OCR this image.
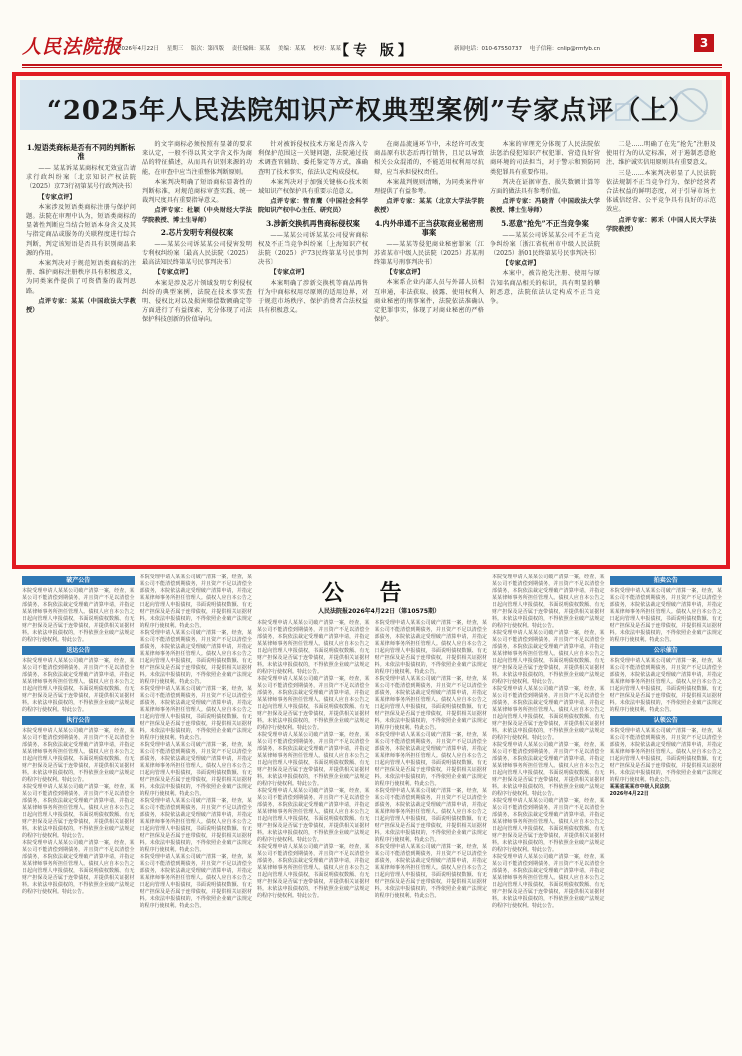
人民法院报
2026年4月22日 星期三 版次：第四版 责任编辑：某某 美编：某某 校对：某某
【专 版】	新闻电话：010-67550737 电子信箱：cnlip@rmfyb.cn	3
“2025年人民法院知识产权典型案例”专家点评（上）
1.短语类商标是否有不同的判断标准

—— 某某诉某某商标权无效宣告请求行政纠纷案〔北京知识产权法院（2025）京73行初第某号行政判决书〕

【专家点评】

本案涉及短语类商标注册与保护问题。法院在审理中认为，短语类商标的显著性判断应当结合短语本身含义及其与指定商品或服务的关联程度进行综合判断，判定该短语是否具有识别商品来源的作用。

本案判决对于规范短语类商标的注册、维护商标注册秩序具有积极意义，为同类案件提供了可资借鉴的裁判思路。

点评专家：某某（中国政法大学教授）

的文字商标必须按照有显著的要求来认定，一般不得以其文字含义作为商品的特征描述，从而具有识别来源的功能，在审查中应当注重整体判断原则。

本案判决明确了短语商标显著性的判断标准，对规范商标审查实践、统一裁判尺度具有重要指导意义。

点评专家：杜颖（中央财经大学法学院教授、博士生导师）

2.芯片发明专利侵权案

——某某公司诉某某公司侵害发明专利权纠纷案〔最高人民法院（2025）最高法知民终第某号民事判决书〕

【专家点评】

本案是涉及芯片领域发明专利侵权纠纷的典型案例，法院在技术事实查明、侵权比对以及损害赔偿数额确定等方面进行了有益探索，充分体现了司法保护科技创新的价值导向。

针对被诉侵权技术方案是否落入专利保护范围这一关键问题，法院通过技术调查官辅助、委托鉴定等方式，准确查明了技术事实，依法认定构成侵权。

本案判决对于加强关键核心技术领域知识产权保护具有重要示范意义。

点评专家：管育鹰（中国社会科学院知识产权中心主任、研究员）

3.涉新交换机再售商标侵权案

——某某公司诉某某公司侵害商标权及不正当竞争纠纷案〔上海知识产权法院（2025）沪73民终第某号民事判决书〕

【专家点评】

本案明确了涉新交换机等商品再售行为中商标权用尽原则的适用边界，对于规范市场秩序、保护消费者合法权益具有积极意义。

在商品流通环节中，未经许可改变商品原有状态后再行销售，且足以导致相关公众混淆的，不能适用权利用尽抗辩，应当承担侵权责任。

本案裁判规则清晰，为同类案件审理提供了有益参考。

点评专家：某某（北京大学法学院教授）

4.内外串通不正当获取商业秘密刑事案

——某某等侵犯商业秘密罪案〔江苏省某市中级人民法院（2025）苏某刑终第某号刑事判决书〕

【专家点评】

本案系企业内部人员与外部人员相互串通，非法获取、披露、使用权利人商业秘密的刑事案件，法院依法准确认定犯罪事实，体现了对商业秘密的严格保护。

本案的审理充分体现了人民法院依法惩治侵犯知识产权犯罪、营造良好营商环境的司法担当，对于警示和预防同类犯罪具有重要作用。

判决在证据审查、损失数额计算等方面的做法具有参考价值。

点评专家：冯晓青（中国政法大学教授、博士生导师）

5.恶意“抢先”不正当竞争案

——某某公司诉某某公司不正当竞争纠纷案〔浙江省杭州市中级人民法院（2025）浙01民终第某号民事判决书〕

【专家点评】

本案中，被告抢先注册、使用与原告知名商品相关的标识，具有明显的攀附恶意，法院依法认定构成不正当竞争。

二是……明确了在先“抢先”注册及使用行为的认定标准，对于遏制恶意抢注、维护诚实信用原则具有重要意义。

三是……本案判决彰显了人民法院依法规制不正当竞争行为、保护经营者合法权益的鲜明态度，对于引导市场主体诚信经营、公平竞争具有良好的示范效应。

点评专家：郭禾（中国人民大学法学院教授）

破产公告

本院受理申请人某某公司破产清算一案，经查，某某公司不能清偿到期债务，并且资产不足以清偿全部债务，本院依法裁定受理破产清算申请，并指定某某律师事务所担任管理人。债权人应自本公告之日起向管理人申报债权，书面说明债权数额、有无财产担保及是否属于连带债权，并提供相关证据材料。未依法申报债权的，不得依照企业破产法规定的程序行使权利。特此公告。

送达公告

本院受理申请人某某公司破产清算一案，经查，某某公司不能清偿到期债务，并且资产不足以清偿全部债务，本院依法裁定受理破产清算申请，并指定某某律师事务所担任管理人。债权人应自本公告之日起向管理人申报债权，书面说明债权数额、有无财产担保及是否属于连带债权，并提供相关证据材料。未依法申报债权的，不得依照企业破产法规定的程序行使权利。特此公告。

执行公告

本院受理申请人某某公司破产清算一案，经查，某某公司不能清偿到期债务，并且资产不足以清偿全部债务，本院依法裁定受理破产清算申请，并指定某某律师事务所担任管理人。债权人应自本公告之日起向管理人申报债权，书面说明债权数额、有无财产担保及是否属于连带债权，并提供相关证据材料。未依法申报债权的，不得依照企业破产法规定的程序行使权利。特此公告。

本院受理申请人某某公司破产清算一案，经查，某某公司不能清偿到期债务，并且资产不足以清偿全部债务，本院依法裁定受理破产清算申请，并指定某某律师事务所担任管理人。债权人应自本公告之日起向管理人申报债权，书面说明债权数额、有无财产担保及是否属于连带债权，并提供相关证据材料。未依法申报债权的，不得依照企业破产法规定的程序行使权利。特此公告。

本院受理申请人某某公司破产清算一案，经查，某某公司不能清偿到期债务，并且资产不足以清偿全部债务，本院依法裁定受理破产清算申请，并指定某某律师事务所担任管理人。债权人应自本公告之日起向管理人申报债权，书面说明债权数额、有无财产担保及是否属于连带债权，并提供相关证据材料。未依法申报债权的，不得依照企业破产法规定的程序行使权利。特此公告。

本院受理申请人某某公司破产清算一案，经查，某某公司不能清偿到期债务，并且资产不足以清偿全部债务，本院依法裁定受理破产清算申请，并指定某某律师事务所担任管理人。债权人应自本公告之日起向管理人申报债权，书面说明债权数额、有无财产担保及是否属于连带债权，并提供相关证据材料。未依法申报债权的，不得依照企业破产法规定的程序行使权利。特此公告。

本院受理申请人某某公司破产清算一案，经查，某某公司不能清偿到期债务，并且资产不足以清偿全部债务，本院依法裁定受理破产清算申请，并指定某某律师事务所担任管理人。债权人应自本公告之日起向管理人申报债权，书面说明债权数额、有无财产担保及是否属于连带债权，并提供相关证据材料。未依法申报债权的，不得依照企业破产法规定的程序行使权利。特此公告。

本院受理申请人某某公司破产清算一案，经查，某某公司不能清偿到期债务，并且资产不足以清偿全部债务，本院依法裁定受理破产清算申请，并指定某某律师事务所担任管理人。债权人应自本公告之日起向管理人申报债权，书面说明债权数额、有无财产担保及是否属于连带债权，并提供相关证据材料。未依法申报债权的，不得依照企业破产法规定的程序行使权利。特此公告。

本院受理申请人某某公司破产清算一案，经查，某某公司不能清偿到期债务，并且资产不足以清偿全部债务，本院依法裁定受理破产清算申请，并指定某某律师事务所担任管理人。债权人应自本公告之日起向管理人申报债权，书面说明债权数额、有无财产担保及是否属于连带债权，并提供相关证据材料。未依法申报债权的，不得依照企业破产法规定的程序行使权利。特此公告。

本院受理申请人某某公司破产清算一案，经查，某某公司不能清偿到期债务，并且资产不足以清偿全部债务，本院依法裁定受理破产清算申请，并指定某某律师事务所担任管理人。债权人应自本公告之日起向管理人申报债权，书面说明债权数额、有无财产担保及是否属于连带债权，并提供相关证据材料。未依法申报债权的，不得依照企业破产法规定的程序行使权利。特此公告。

本院受理申请人某某公司破产清算一案，经查，某某公司不能清偿到期债务，并且资产不足以清偿全部债务，本院依法裁定受理破产清算申请，并指定某某律师事务所担任管理人。债权人应自本公告之日起向管理人申报债权，书面说明债权数额、有无财产担保及是否属于连带债权，并提供相关证据材料。未依法申报债权的，不得依照企业破产法规定的程序行使权利。特此公告。

本院受理申请人某某公司破产清算一案，经查，某某公司不能清偿到期债务，并且资产不足以清偿全部债务，本院依法裁定受理破产清算申请，并指定某某律师事务所担任管理人。债权人应自本公告之日起向管理人申报债权，书面说明债权数额、有无财产担保及是否属于连带债权，并提供相关证据材料。未依法申报债权的，不得依照企业破产法规定的程序行使权利。特此公告。

本院受理申请人某某公司破产清算一案，经查，某某公司不能清偿到期债务，并且资产不足以清偿全部债务，本院依法裁定受理破产清算申请，并指定某某律师事务所担任管理人。债权人应自本公告之日起向管理人申报债权，书面说明债权数额、有无财产担保及是否属于连带债权，并提供相关证据材料。未依法申报债权的，不得依照企业破产法规定的程序行使权利。特此公告。

本院受理申请人某某公司破产清算一案，经查，某某公司不能清偿到期债务，并且资产不足以清偿全部债务，本院依法裁定受理破产清算申请，并指定某某律师事务所担任管理人。债权人应自本公告之日起向管理人申报债权，书面说明债权数额、有无财产担保及是否属于连带债权，并提供相关证据材料。未依法申报债权的，不得依照企业破产法规定的程序行使权利。特此公告。

本院受理申请人某某公司破产清算一案，经查，某某公司不能清偿到期债务，并且资产不足以清偿全部债务，本院依法裁定受理破产清算申请，并指定某某律师事务所担任管理人。债权人应自本公告之日起向管理人申报债权，书面说明债权数额、有无财产担保及是否属于连带债权，并提供相关证据材料。未依法申报债权的，不得依照企业破产法规定的程序行使权利。特此公告。

本院受理申请人某某公司破产清算一案，经查，某某公司不能清偿到期债务，并且资产不足以清偿全部债务，本院依法裁定受理破产清算申请，并指定某某律师事务所担任管理人。债权人应自本公告之日起向管理人申报债权，书面说明债权数额、有无财产担保及是否属于连带债权，并提供相关证据材料。未依法申报债权的，不得依照企业破产法规定的程序行使权利。特此公告。

本院受理申请人某某公司破产清算一案，经查，某某公司不能清偿到期债务，并且资产不足以清偿全部债务，本院依法裁定受理破产清算申请，并指定某某律师事务所担任管理人。债权人应自本公告之日起向管理人申报债权，书面说明债权数额、有无财产担保及是否属于连带债权，并提供相关证据材料。未依法申报债权的，不得依照企业破产法规定的程序行使权利。特此公告。

本院受理申请人某某公司破产清算一案，经查，某某公司不能清偿到期债务，并且资产不足以清偿全部债务，本院依法裁定受理破产清算申请，并指定某某律师事务所担任管理人。债权人应自本公告之日起向管理人申报债权，书面说明债权数额、有无财产担保及是否属于连带债权，并提供相关证据材料。未依法申报债权的，不得依照企业破产法规定的程序行使权利。特此公告。

本院受理申请人某某公司破产清算一案，经查，某某公司不能清偿到期债务，并且资产不足以清偿全部债务，本院依法裁定受理破产清算申请，并指定某某律师事务所担任管理人。债权人应自本公告之日起向管理人申报债权，书面说明债权数额、有无财产担保及是否属于连带债权，并提供相关证据材料。未依法申报债权的，不得依照企业破产法规定的程序行使权利。特此公告。

本院受理申请人某某公司破产清算一案，经查，某某公司不能清偿到期债务，并且资产不足以清偿全部债务，本院依法裁定受理破产清算申请，并指定某某律师事务所担任管理人。债权人应自本公告之日起向管理人申报债权，书面说明债权数额、有无财产担保及是否属于连带债权，并提供相关证据材料。未依法申报债权的，不得依照企业破产法规定的程序行使权利。特此公告。

本院受理申请人某某公司破产清算一案，经查，某某公司不能清偿到期债务，并且资产不足以清偿全部债务，本院依法裁定受理破产清算申请，并指定某某律师事务所担任管理人。债权人应自本公告之日起向管理人申报债权，书面说明债权数额、有无财产担保及是否属于连带债权，并提供相关证据材料。未依法申报债权的，不得依照企业破产法规定的程序行使权利。特此公告。

本院受理申请人某某公司破产清算一案，经查，某某公司不能清偿到期债务，并且资产不足以清偿全部债务，本院依法裁定受理破产清算申请，并指定某某律师事务所担任管理人。债权人应自本公告之日起向管理人申报债权，书面说明债权数额、有无财产担保及是否属于连带债权，并提供相关证据材料。未依法申报债权的，不得依照企业破产法规定的程序行使权利。特此公告。

本院受理申请人某某公司破产清算一案，经查，某某公司不能清偿到期债务，并且资产不足以清偿全部债务，本院依法裁定受理破产清算申请，并指定某某律师事务所担任管理人。债权人应自本公告之日起向管理人申报债权，书面说明债权数额、有无财产担保及是否属于连带债权，并提供相关证据材料。未依法申报债权的，不得依照企业破产法规定的程序行使权利。特此公告。

本院受理申请人某某公司破产清算一案，经查，某某公司不能清偿到期债务，并且资产不足以清偿全部债务，本院依法裁定受理破产清算申请，并指定某某律师事务所担任管理人。债权人应自本公告之日起向管理人申报债权，书面说明债权数额、有无财产担保及是否属于连带债权，并提供相关证据材料。未依法申报债权的，不得依照企业破产法规定的程序行使权利。特此公告。

本院受理申请人某某公司破产清算一案，经查，某某公司不能清偿到期债务，并且资产不足以清偿全部债务，本院依法裁定受理破产清算申请，并指定某某律师事务所担任管理人。债权人应自本公告之日起向管理人申报债权，书面说明债权数额、有无财产担保及是否属于连带债权，并提供相关证据材料。未依法申报债权的，不得依照企业破产法规定的程序行使权利。特此公告。

本院受理申请人某某公司破产清算一案，经查，某某公司不能清偿到期债务，并且资产不足以清偿全部债务，本院依法裁定受理破产清算申请，并指定某某律师事务所担任管理人。债权人应自本公告之日起向管理人申报债权，书面说明债权数额、有无财产担保及是否属于连带债权，并提供相关证据材料。未依法申报债权的，不得依照企业破产法规定的程序行使权利。特此公告。

本院受理申请人某某公司破产清算一案，经查，某某公司不能清偿到期债务，并且资产不足以清偿全部债务，本院依法裁定受理破产清算申请，并指定某某律师事务所担任管理人。债权人应自本公告之日起向管理人申报债权，书面说明债权数额、有无财产担保及是否属于连带债权，并提供相关证据材料。未依法申报债权的，不得依照企业破产法规定的程序行使权利。特此公告。

拍卖公告

本院受理申请人某某公司破产清算一案，经查，某某公司不能清偿到期债务，并且资产不足以清偿全部债务，本院依法裁定受理破产清算申请，并指定某某律师事务所担任管理人。债权人应自本公告之日起向管理人申报债权，书面说明债权数额、有无财产担保及是否属于连带债权，并提供相关证据材料。未依法申报债权的，不得依照企业破产法规定的程序行使权利。特此公告。

公示催告

本院受理申请人某某公司破产清算一案，经查，某某公司不能清偿到期债务，并且资产不足以清偿全部债务，本院依法裁定受理破产清算申请，并指定某某律师事务所担任管理人。债权人应自本公告之日起向管理人申报债权，书面说明债权数额、有无财产担保及是否属于连带债权，并提供相关证据材料。未依法申报债权的，不得依照企业破产法规定的程序行使权利。特此公告。

认领公告

本院受理申请人某某公司破产清算一案，经查，某某公司不能清偿到期债务，并且资产不足以清偿全部债务，本院依法裁定受理破产清算申请，并指定某某律师事务所担任管理人。债权人应自本公告之日起向管理人申报债权，书面说明债权数额、有无财产担保及是否属于连带债权，并提供相关证据材料。未依法申报债权的，不得依照企业破产法规定的程序行使权利。特此公告。

某某省某某市中级人民法院

2026年4月22日

公 告
人民法院报2026年4月22日（第10575期）
